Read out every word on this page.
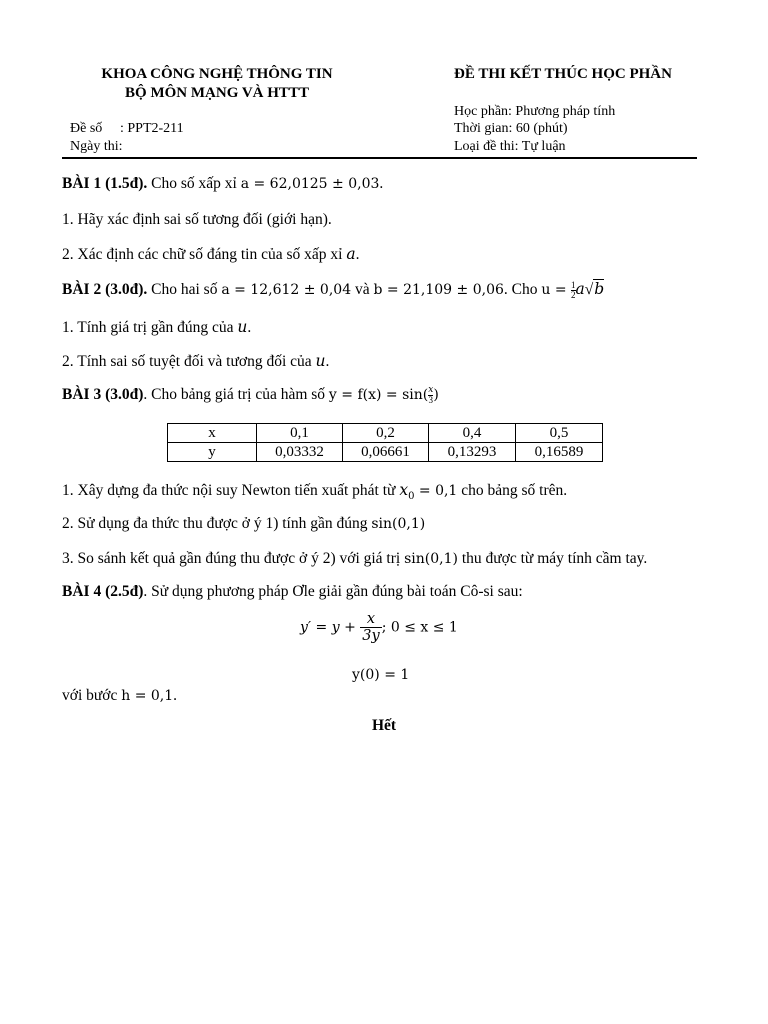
KHOA CÔNG NGHỆ THÔNG TIN
BỘ MÔN MẠNG VÀ HTTT
ĐỀ THI KẾT THÚC HỌC PHẦN
Học phần: Phương pháp tính
Thời gian: 60 (phút)
Loại đề thi: Tự luận
Đề số : PPT2-211
Ngày thi:
BÀI 1 (1.5đ). Cho số xấp xỉ a = 62,0125 ± 0,03.
1. Hãy xác định sai số tương đối (giới hạn).
2. Xác định các chữ số đáng tin của số xấp xỉ a.
BÀI 2 (3.0đ). Cho hai số a = 12,612 ± 0,04 và b = 21,109 ± 0,06. Cho $u = \frac{1}{2} a√b$
1. Tính giá trị gần đúng của u.
2. Tính sai số tuyệt đối và tương đối của u.
BÀI 3 (3.0đ). Cho bảng giá trị của hàm số $y = f(x) = \sin( \frac{x}{3}$ )
x	0,1	0,2	0,4	0,5
y	0,03332	0,06661	0,13293	0,16589
1. Xây dựng đa thức nội suy Newton tiến xuất phát từ $x_0 = 0,1$ cho bảng số trên.
2. Sử dụng đa thức thu được ở ý 1) tính gần đúng sin(0,1)
3. So sánh kết quả gần đúng thu được ở ý 2) với giá trị sin(0,1) thu được từ máy tính cầm tay.
BÀI 4 (2.5đ). Sử dụng phương pháp Ơle giải gần đúng bài toán Cô-si sau:
$y' = y + \frac{x}{3y}$ ; 0 ≤ x ≤ 1
y(0) = 1
với bước h = 0,1.
Hết
